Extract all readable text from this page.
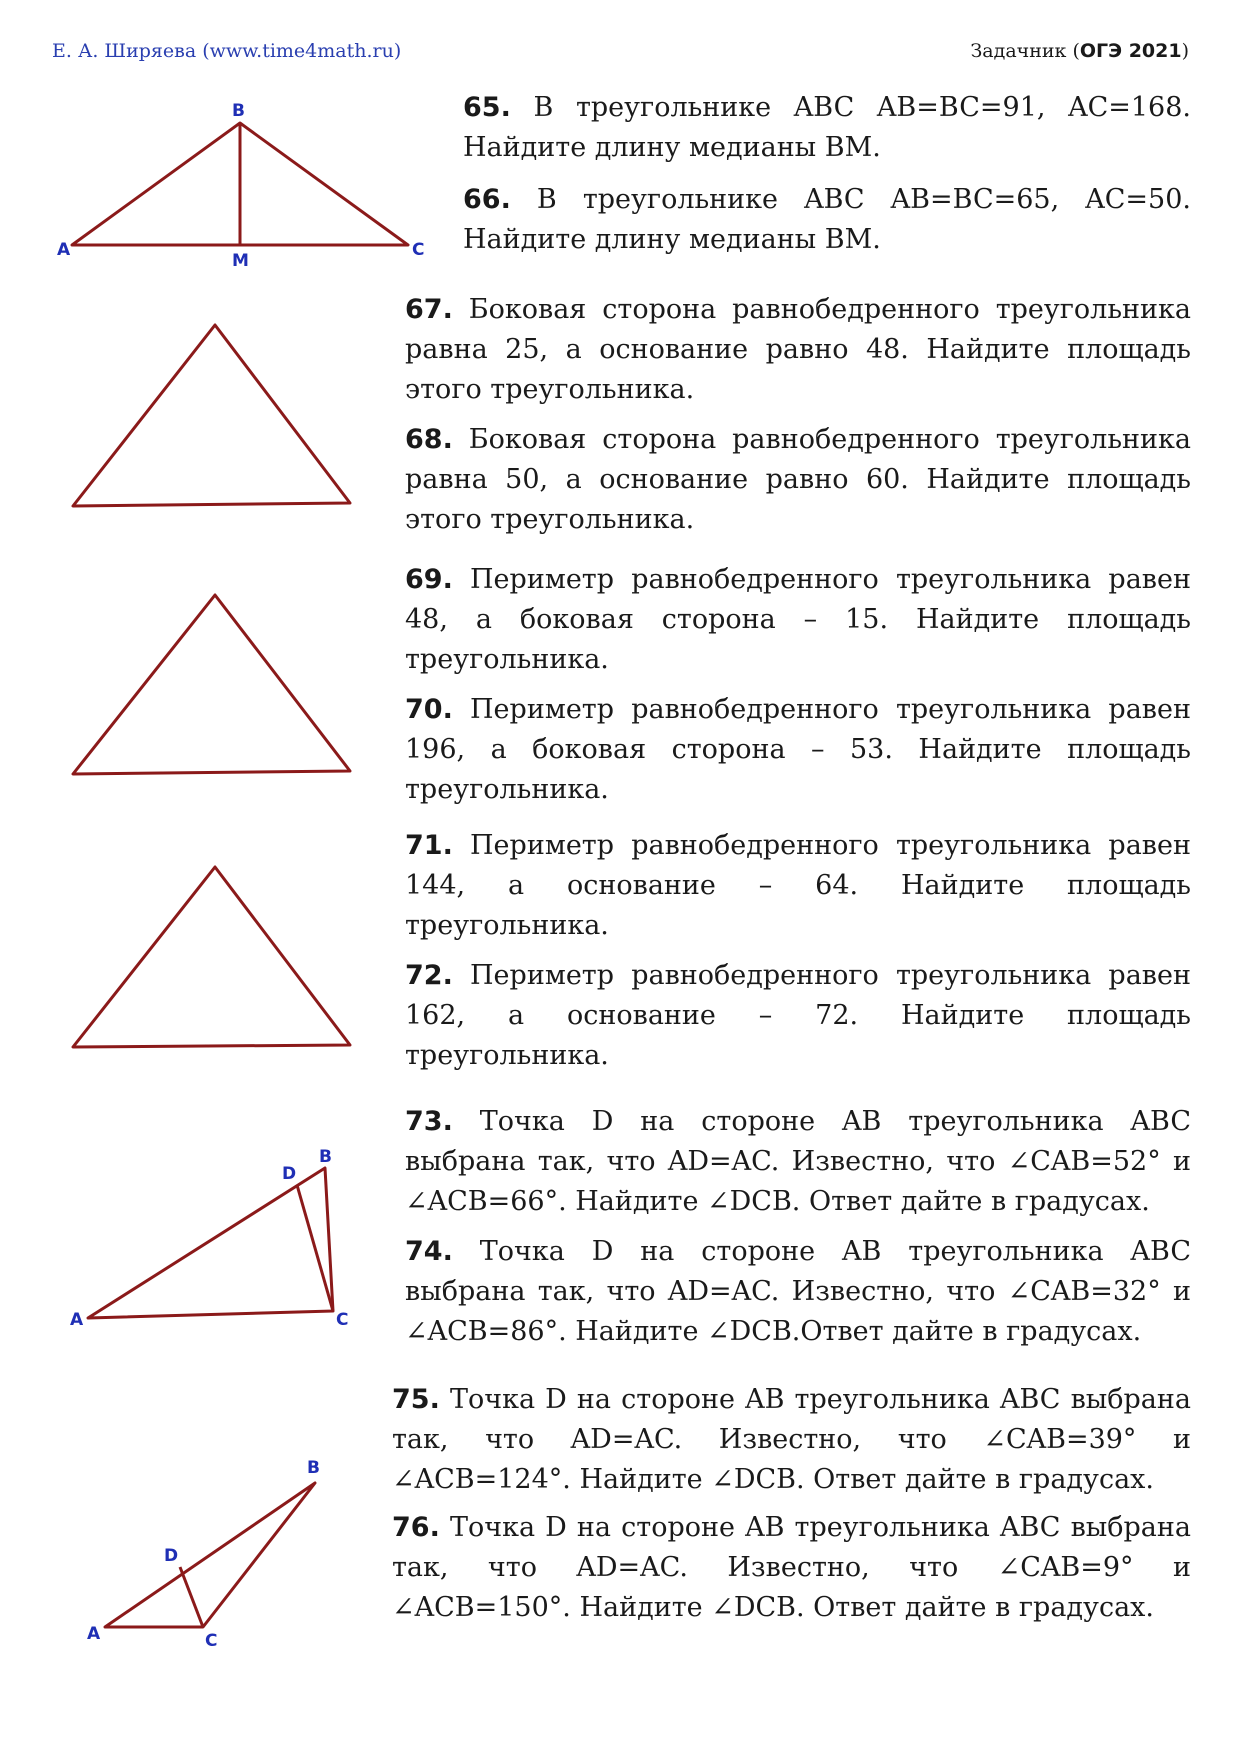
Е. А. Ширяева (www.time4math.ru)	Задачник (ОГЭ 2021)
B
A
M
C
D
B
A	C
B
D
A	C
65. В треугольнике ABC AB=BC=91, AC=168. Найдите длину медианы BM.
66. В треугольнике ABC AB=BC=65, AC=50. Найдите длину медианы BM.
67. Боковая сторона равнобедренного треугольника равна 25, а основание равно 48. Найдите площадь этого треугольника.
68. Боковая сторона равнобедренного треугольника равна 50, а основание равно 60. Найдите площадь этого треугольника.
69. Периметр равнобедренного треугольника равен 48, а боковая сторона – 15. Найдите площадь треугольника.
70. Периметр равнобедренного треугольника равен 196, а боковая сторона – 53. Найдите площадь треугольника.
71. Периметр равнобедренного треугольника равен 144, а основание – 64. Найдите площадь треугольника.
72. Периметр равнобедренного треугольника равен 162, а основание – 72. Найдите площадь треугольника.
73. Точка D на стороне AB треугольника ABC выбрана так, что AD=AC. Известно, что ∠CAB=52° и ∠ACB=66°. Найдите ∠DCB. Ответ дайте в градусах.
74. Точка D на стороне AB треугольника ABC выбрана так, что AD=AC. Известно, что ∠CAB=32° и ∠ACB=86°. Найдите ∠DCB.Ответ дайте в градусах.
75. Точка D на стороне AB треугольника ABC выбрана так, что AD=AC. Известно, что ∠CAB=39° и ∠ACB=124°. Найдите ∠DCB. Ответ дайте в градусах.
76. Точка D на стороне AB треугольника ABC выбрана так, что AD=AC. Известно, что ∠CAB=9° и ∠ACB=150°. Найдите ∠DCB. Ответ дайте в градусах.
